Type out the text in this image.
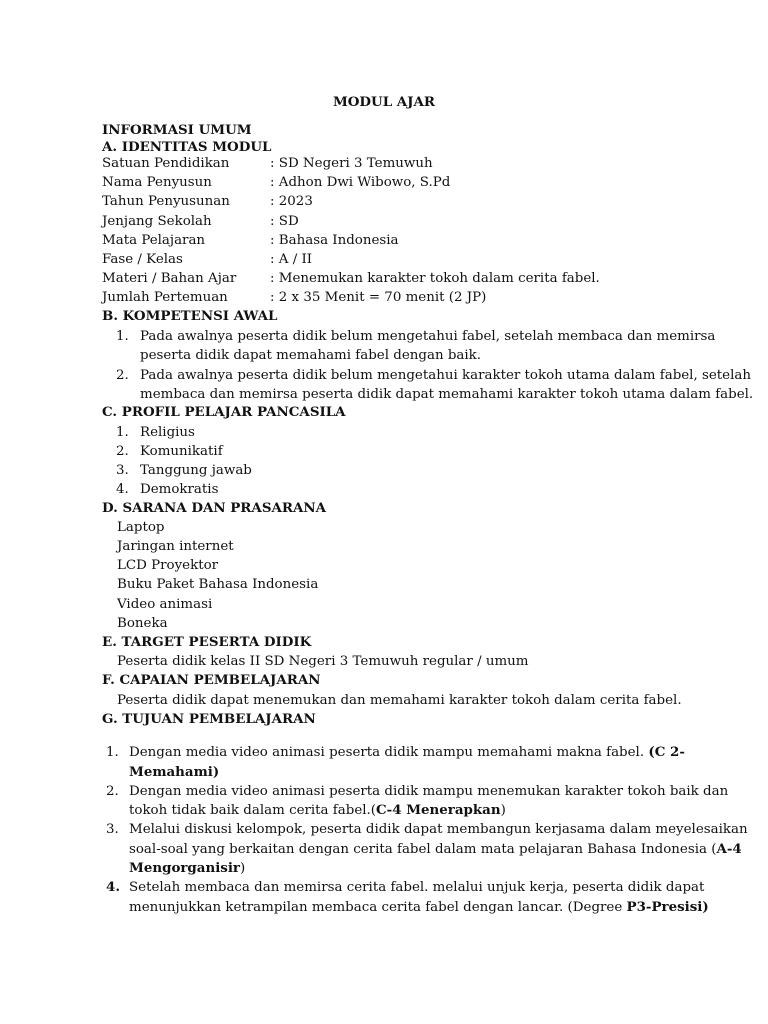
MODUL AJAR
INFORMASI UMUM
A. IDENTITAS MODUL
Satuan Pendidikan	: SD Negeri 3 Temuwuh
Nama Penyusun	: Adhon Dwi Wibowo, S.Pd
Tahun Penyusunan	: 2023
Jenjang Sekolah	: SD
Mata Pelajaran	: Bahasa Indonesia
Fase / Kelas	: A / II
Materi / Bahan Ajar	: Menemukan karakter tokoh dalam cerita fabel.
Jumlah Pertemuan	: 2 x 35 Menit = 70 menit (2 JP)
B. KOMPETENSI AWAL
1. Pada awalnya peserta didik belum mengetahui fabel, setelah membaca dan memirsa
peserta didik dapat memahami fabel dengan baik.
2. Pada awalnya peserta didik belum mengetahui karakter tokoh utama dalam fabel, setelah
membaca dan memirsa peserta didik dapat memahami karakter tokoh utama dalam fabel.
C. PROFIL PELAJAR PANCASILA
1. Religius
2. Komunikatif
3. Tanggung jawab
4. Demokratis
D. SARANA DAN PRASARANA
Laptop
Jaringan internet
LCD Proyektor
Buku Paket Bahasa Indonesia
Video animasi
Boneka
E. TARGET PESERTA DIDIK
Peserta didik kelas II SD Negeri 3 Temuwuh regular / umum
F. CAPAIAN PEMBELAJARAN
Peserta didik dapat menemukan dan memahami karakter tokoh dalam cerita fabel.
G. TUJUAN PEMBELAJARAN
1. Dengan media video animasi peserta didik mampu memahami makna fabel. (C 2-
Memahami)
2. Dengan media video animasi peserta didik mampu menemukan karakter tokoh baik dan
tokoh tidak baik dalam cerita fabel.(C-4 Menerapkan)
3. Melalui diskusi kelompok, peserta didik dapat membangun kerjasama dalam meyelesaikan
soal-soal yang berkaitan dengan cerita fabel dalam mata pelajaran Bahasa Indonesia (A-4
Mengorganisir)
4. Setelah membaca dan memirsa cerita fabel. melalui unjuk kerja, peserta didik dapat
menunjukkan ketrampilan membaca cerita fabel dengan lancar. (Degree P3-Presisi)
